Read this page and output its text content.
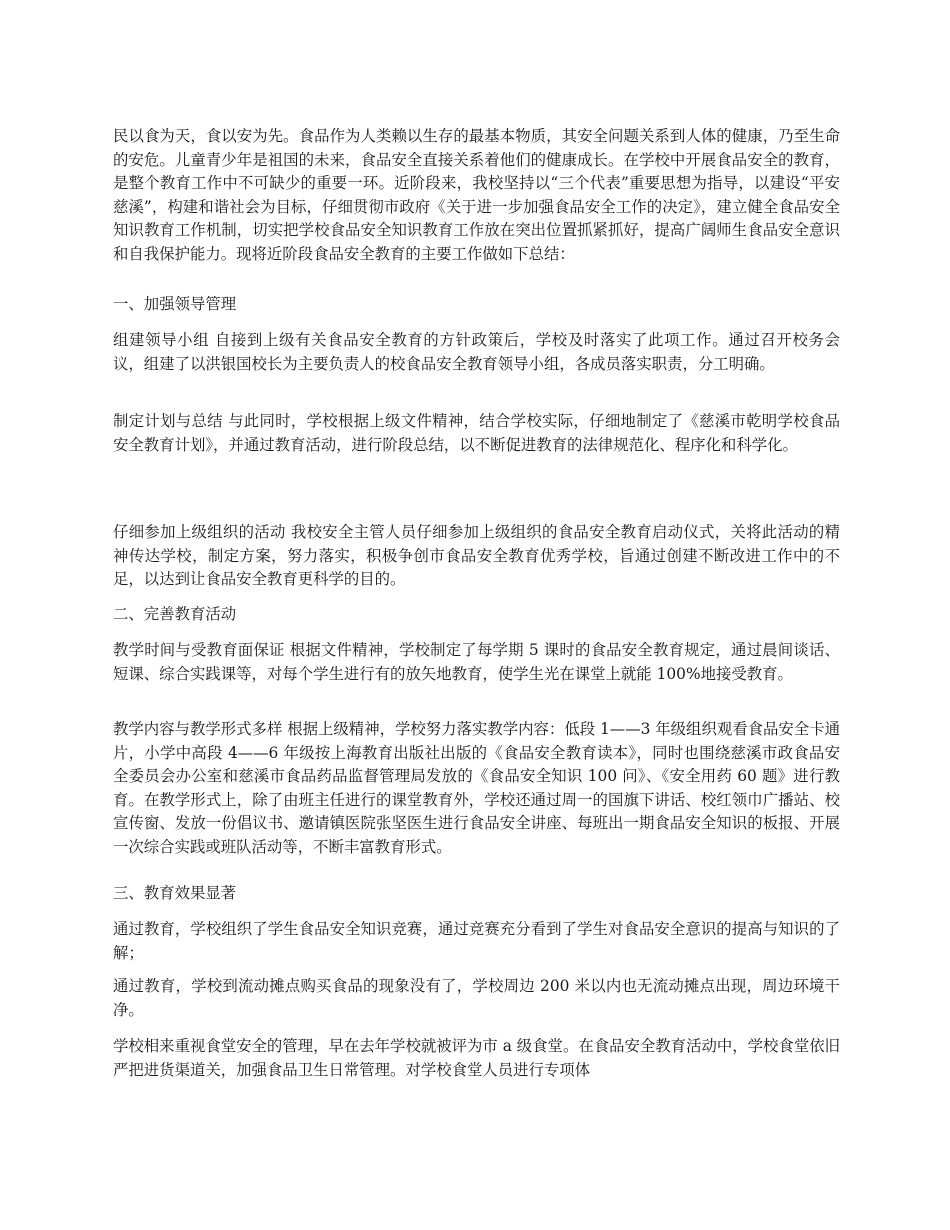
民以食为天，食以安为先。食品作为人类赖以生存的最基本物质，其安全问题关系到人体的健康，乃至生命的安危。儿童青少年是祖国的未来，食品安全直接关系着他们的健康成长。在学校中开展食品安全的教育，是整个教育工作中不可缺少的重要一环。近阶段来，我校坚持以“三个代表”重要思想为指导，以建设“平安慈溪”，构建和谐社会为目标，仔细贯彻市政府《关于进一步加强食品安全工作的决定》，建立健全食品安全知识教育工作机制，切实把学校食品安全知识教育工作放在突出位置抓紧抓好，提高广阔师生食品安全意识和自我保护能力。现将近阶段食品安全教育的主要工作做如下总结：

一、加强领导管理

组建领导小组 自接到上级有关食品安全教育的方针政策后，学校及时落实了此项工作。通过召开校务会议，组建了以洪银国校长为主要负责人的校食品安全教育领导小组，各成员落实职责，分工明确。

制定计划与总结 与此同时，学校根据上级文件精神，结合学校实际，仔细地制定了《慈溪市乾明学校食品安全教育计划》，并通过教育活动，进行阶段总结，以不断促进教育的法律规范化、程序化和科学化。

仔细参加上级组织的活动 我校安全主管人员仔细参加上级组织的食品安全教育启动仪式，关将此活动的精神传达学校，制定方案，努力落实，积极争创市食品安全教育优秀学校，旨通过创建不断改进工作中的不足，以达到让食品安全教育更科学的目的。

二、完善教育活动

教学时间与受教育面保证 根据文件精神，学校制定了每学期 5 课时的食品安全教育规定，通过晨间谈话、短课、综合实践课等，对每个学生进行有的放矢地教育，使学生光在课堂上就能 100%地接受教育。

教学内容与教学形式多样 根据上级精神，学校努力落实教学内容：低段 1——3 年级组织观看食品安全卡通片，小学中高段 4——6 年级按上海教育出版社出版的《食品安全教育读本》，同时也围绕慈溪市政食品安全委员会办公室和慈溪市食品药品监督管理局发放的《食品安全知识 100 问》、《安全用药 60 题》进行教育。在教学形式上，除了由班主任进行的课堂教育外，学校还通过周一的国旗下讲话、校红领巾广播站、校宣传窗、发放一份倡议书、邀请镇医院张坚医生进行食品安全讲座、每班出一期食品安全知识的板报、开展一次综合实践或班队活动等，不断丰富教育形式。

三、教育效果显著

通过教育，学校组织了学生食品安全知识竞赛，通过竞赛充分看到了学生对食品安全意识的提高与知识的了解；

通过教育，学校到流动摊点购买食品的现象没有了，学校周边 200 米以内也无流动摊点出现，周边环境干净。

学校相来重视食堂安全的管理，早在去年学校就被评为市 a 级食堂。在食品安全教育活动中，学校食堂依旧严把进货渠道关，加强食品卫生日常管理。对学校食堂人员进行专项体
